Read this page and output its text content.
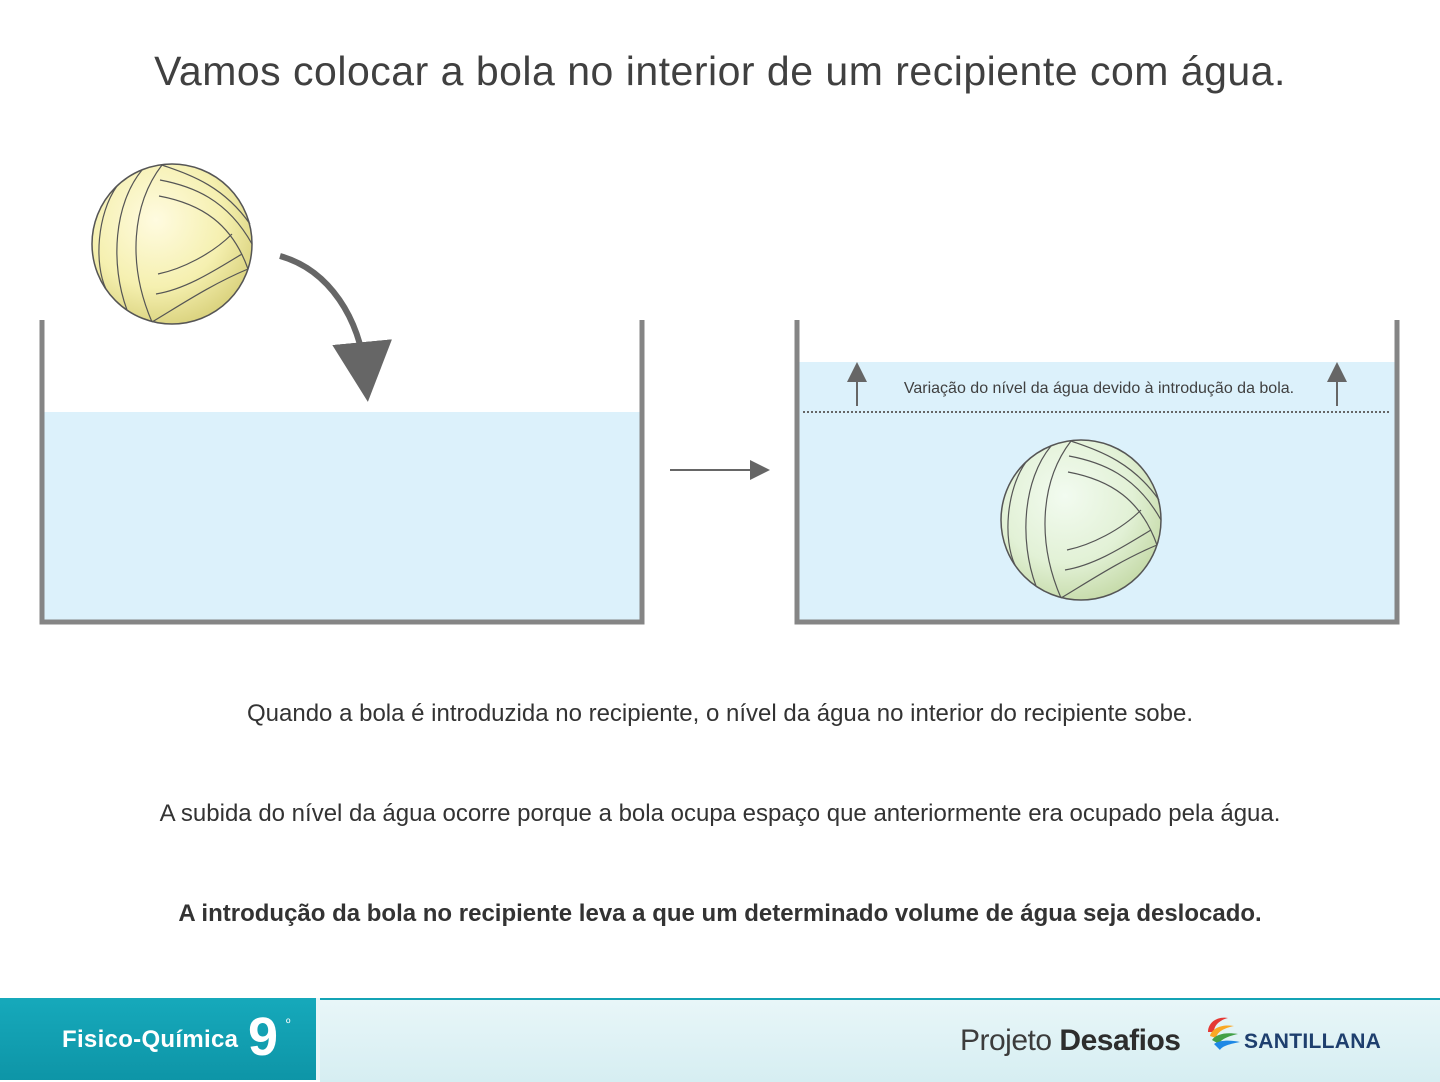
Vamos colocar a bola no interior de um recipiente com água.
Variação do nível da água devido à introdução da bola.
Quando a bola é introduzida no recipiente, o nível da água no interior do recipiente sobe.
A subida do nível da água ocorre porque a bola ocupa espaço que anteriormente era ocupado pela água.
A introdução da bola no recipiente leva a que um determinado volume de água seja deslocado.
Fisico-Química 9 º
Projeto Desafios	SANTILLANA
